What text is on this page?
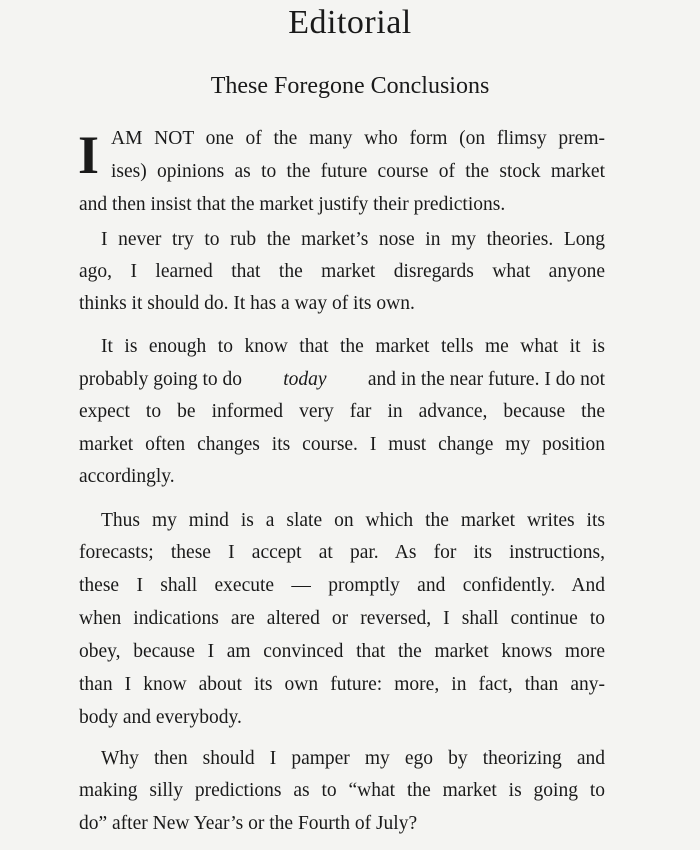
Editorial
These Foregone Conclusions
I AM NOT one of the many who form (on flimsy prem-
ises) opinions as to the future course of the stock market
and then insist that the market justify their predictions.
I never try to rub the market’s nose in my theories. Long
ago, I learned that the market disregards what anyone
thinks it should do. It has a way of its own.
It is enough to know that the market tells me what it is
probably going to do today and in the near future. I do not
expect to be informed very far in advance, because the
market often changes its course. I must change my position
accordingly.
Thus my mind is a slate on which the market writes its
forecasts; these I accept at par. As for its instructions,
these I shall execute — promptly and confidently. And
when indications are altered or reversed, I shall continue to
obey, because I am convinced that the market knows more
than I know about its own future: more, in fact, than any-
body and everybody.
Why then should I pamper my ego by theorizing and
making silly predictions as to “what the market is going to
do” after New Year’s or the Fourth of July?
